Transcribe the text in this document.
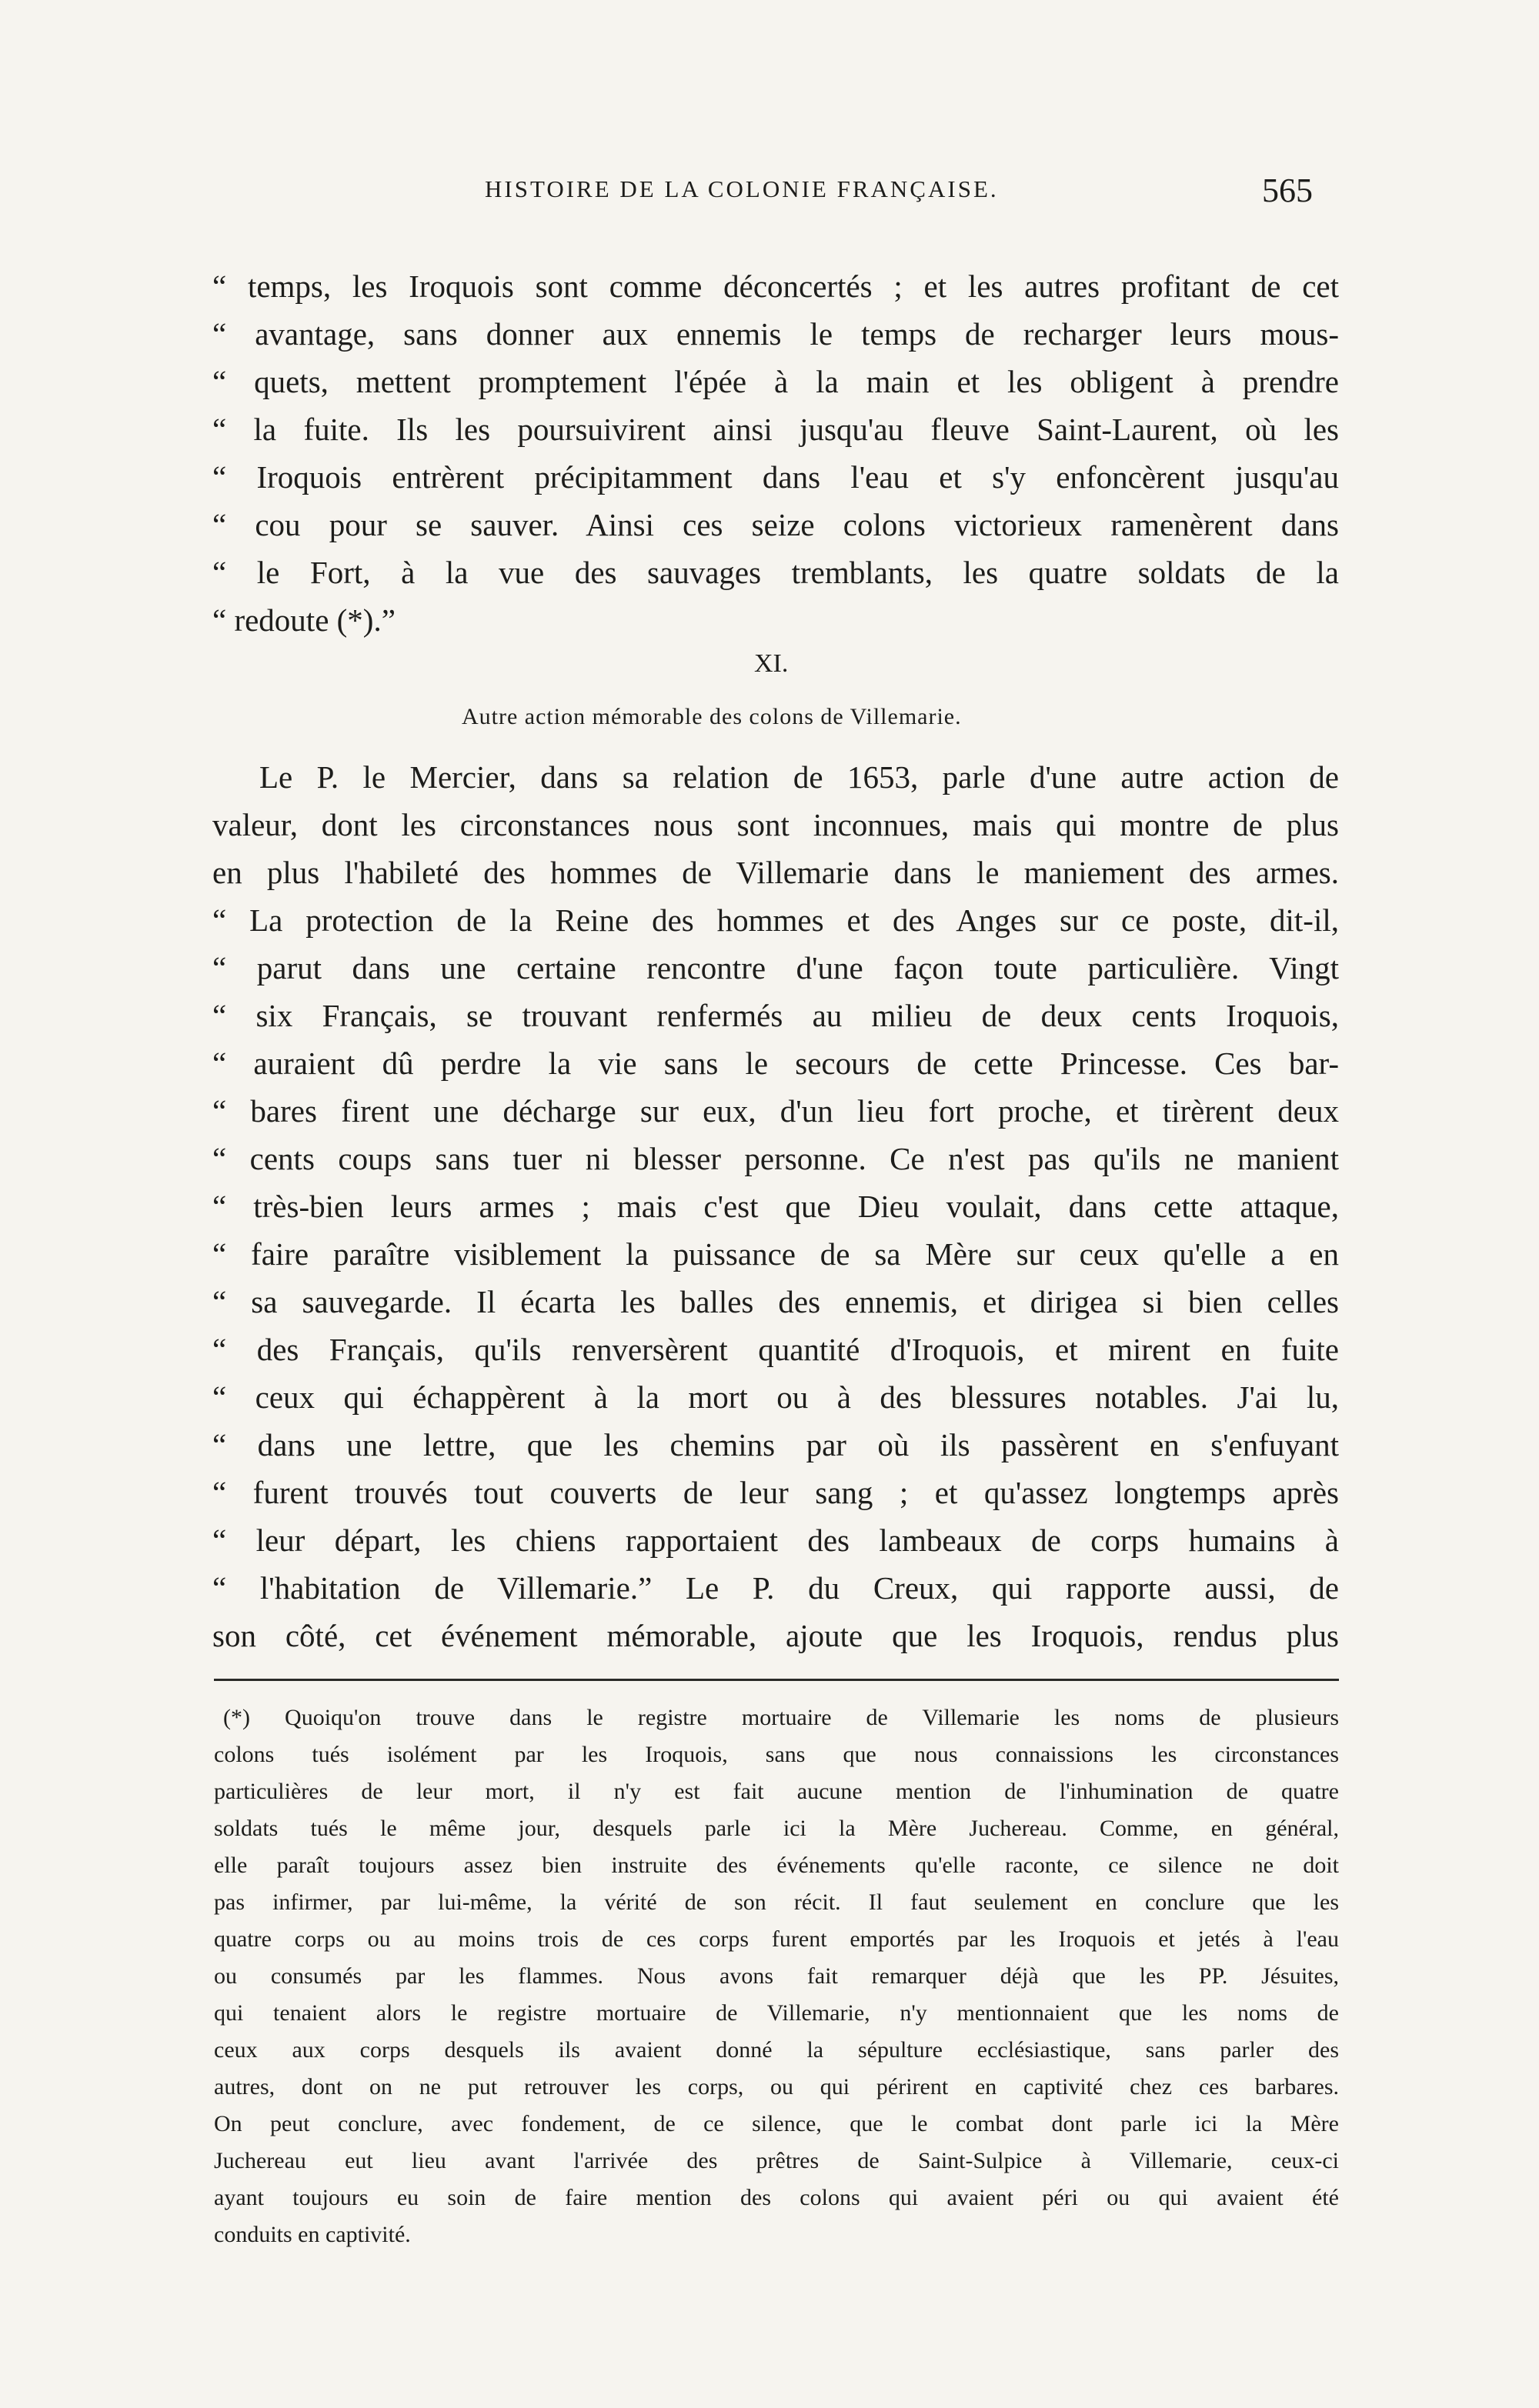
HISTOIRE DE LA COLONIE FRANÇAISE.	565

“ temps, les Iroquois sont comme déconcertés ; et les autres profitant de cet

“ avantage, sans donner aux ennemis le temps de recharger leurs mous-

“ quets, mettent promptement l'épée à la main et les obligent à prendre

“ la fuite. Ils les poursuivirent ainsi jusqu'au fleuve Saint-Laurent, où les

“ Iroquois entrèrent précipitamment dans l'eau et s'y enfoncèrent jusqu'au

“ cou pour se sauver. Ainsi ces seize colons victorieux ramenèrent dans

“ le Fort, à la vue des sauvages tremblants, les quatre soldats de la

“ redoute (*).”

XI.
Autre action mémorable des colons de Villemarie.

Le P. le Mercier, dans sa relation de 1653, parle d'une autre action de

valeur, dont les circonstances nous sont inconnues, mais qui montre de plus

en plus l'habileté des hommes de Villemarie dans le maniement des armes.

“ La protection de la Reine des hommes et des Anges sur ce poste, dit-il,

“ parut dans une certaine rencontre d'une façon toute particulière. Vingt

“ six Français, se trouvant renfermés au milieu de deux cents Iroquois,

“ auraient dû perdre la vie sans le secours de cette Princesse. Ces bar-

“ bares firent une décharge sur eux, d'un lieu fort proche, et tirèrent deux

“ cents coups sans tuer ni blesser personne. Ce n'est pas qu'ils ne manient

“ très-bien leurs armes ; mais c'est que Dieu voulait, dans cette attaque,

“ faire paraître visiblement la puissance de sa Mère sur ceux qu'elle a en

“ sa sauvegarde. Il écarta les balles des ennemis, et dirigea si bien celles

“ des Français, qu'ils renversèrent quantité d'Iroquois, et mirent en fuite

“ ceux qui échappèrent à la mort ou à des blessures notables. J'ai lu,

“ dans une lettre, que les chemins par où ils passèrent en s'enfuyant

“ furent trouvés tout couverts de leur sang ; et qu'assez longtemps après

“ leur départ, les chiens rapportaient des lambeaux de corps humains à

“ l'habitation de Villemarie.” Le P. du Creux, qui rapporte aussi, de

son côté, cet événement mémorable, ajoute que les Iroquois, rendus plus

(*) Quoiqu'on trouve dans le registre mortuaire de Villemarie les noms de plusieurs

colons tués isolément par les Iroquois, sans que nous connaissions les circonstances

particulières de leur mort, il n'y est fait aucune mention de l'inhumination de quatre

soldats tués le même jour, desquels parle ici la Mère Juchereau. Comme, en général,

elle paraît toujours assez bien instruite des événements qu'elle raconte, ce silence ne doit

pas infirmer, par lui-même, la vérité de son récit. Il faut seulement en conclure que les

quatre corps ou au moins trois de ces corps furent emportés par les Iroquois et jetés à l'eau

ou consumés par les flammes. Nous avons fait remarquer déjà que les PP. Jésuites,

qui tenaient alors le registre mortuaire de Villemarie, n'y mentionnaient que les noms de

ceux aux corps desquels ils avaient donné la sépulture ecclésiastique, sans parler des

autres, dont on ne put retrouver les corps, ou qui périrent en captivité chez ces barbares.

On peut conclure, avec fondement, de ce silence, que le combat dont parle ici la Mère

Juchereau eut lieu avant l'arrivée des prêtres de Saint-Sulpice à Villemarie, ceux-ci

ayant toujours eu soin de faire mention des colons qui avaient péri ou qui avaient été

conduits en captivité.
